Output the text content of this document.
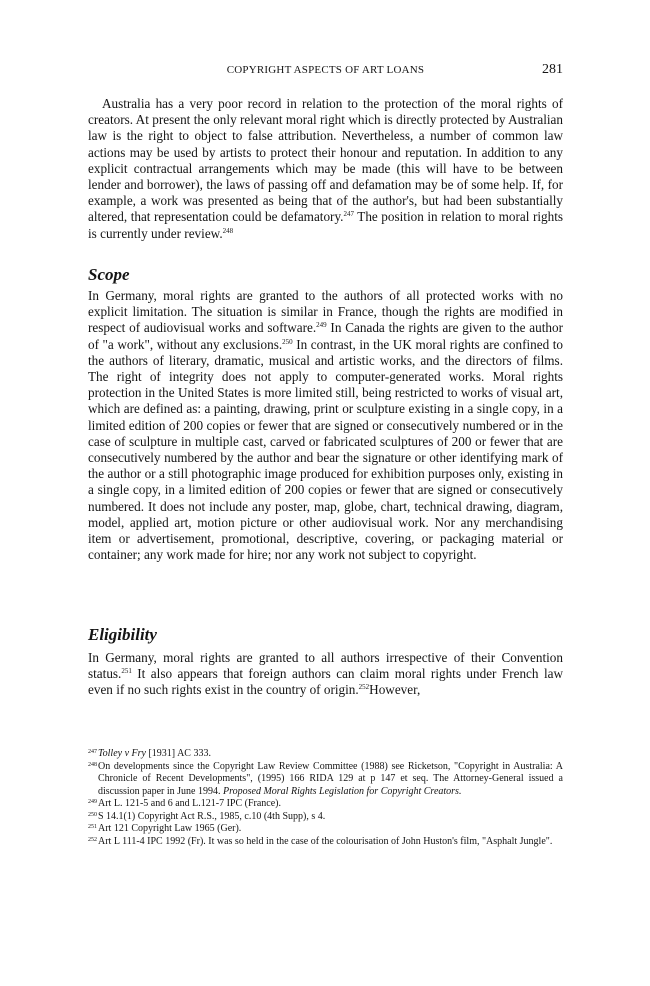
COPYRIGHT ASPECTS OF ART LOANS	281

Australia has a very poor record in relation to the protection of the moral rights of creators. At present the only relevant moral right which is directly protected by Australian law is the right to object to false attribution. Nevertheless, a number of common law actions may be used by artists to protect their honour and reputation. In addition to any explicit contractual arrangements which may be made (this will have to be between lender and borrower), the laws of passing off and defamation may be of some help. If, for example, a work was presented as being that of the author's, but had been substantially altered, that representation could be defamatory.$^{247}$ The position in relation to moral rights is currently under review.$^{248}$

Scope

In Germany, moral rights are granted to the authors of all protected works with no explicit limitation. The situation is similar in France, though the rights are modified in respect of audiovisual works and software.$^{249}$ In Canada the rights are given to the author of "a work", without any exclusions.$^{250}$ In contrast, in the UK moral rights are confined to the authors of literary, dramatic, musical and artistic works, and the directors of films. The right of integrity does not apply to computer-generated works. Moral rights protection in the United States is more limited still, being restricted to works of visual art, which are defined as: a painting, drawing, print or sculpture existing in a single copy, in a limited edition of 200 copies or fewer that are signed or consecutively numbered or in the case of sculpture in multiple cast, carved or fabricated sculptures of 200 or fewer that are consecutively numbered by the author and bear the signature or other identifying mark of the author or a still photographic image produced for exhibition purposes only, existing in a single copy, in a limited edition of 200 copies or fewer that are signed or consecutively numbered. It does not include any poster, map, globe, chart, technical drawing, diagram, model, applied art, motion picture or other audiovisual work. Nor any merchandising item or advertisement, promotional, descriptive, covering, or packaging material or container; any work made for hire; nor any work not subject to copyright.

Eligibility

In Germany, moral rights are granted to all authors irrespective of their Convention status.$^{251}$ It also appears that foreign authors can claim moral rights under French law even if no such rights exist in the country of origin.$^{252}$However,

247 Tolley v Fry [1931] AC 333.
248 On developments since the Copyright Law Review Committee (1988) see Ricketson, "Copyright in Australia: A Chronicle of Recent Developments", (1995) 166 RIDA 129 at p 147 et seq. The Attorney-General issued a discussion paper in June 1994. Proposed Moral Rights Legislation for Copyright Creators.
249 Art L. 121-5 and 6 and L.121-7 IPC (France).
250 S 14.1(1) Copyright Act R.S., 1985, c.10 (4th Supp), s 4.
251 Art 121 Copyright Law 1965 (Ger).
252 Art L 111-4 IPC 1992 (Fr). It was so held in the case of the colourisation of John Huston's film, "Asphalt Jungle".
